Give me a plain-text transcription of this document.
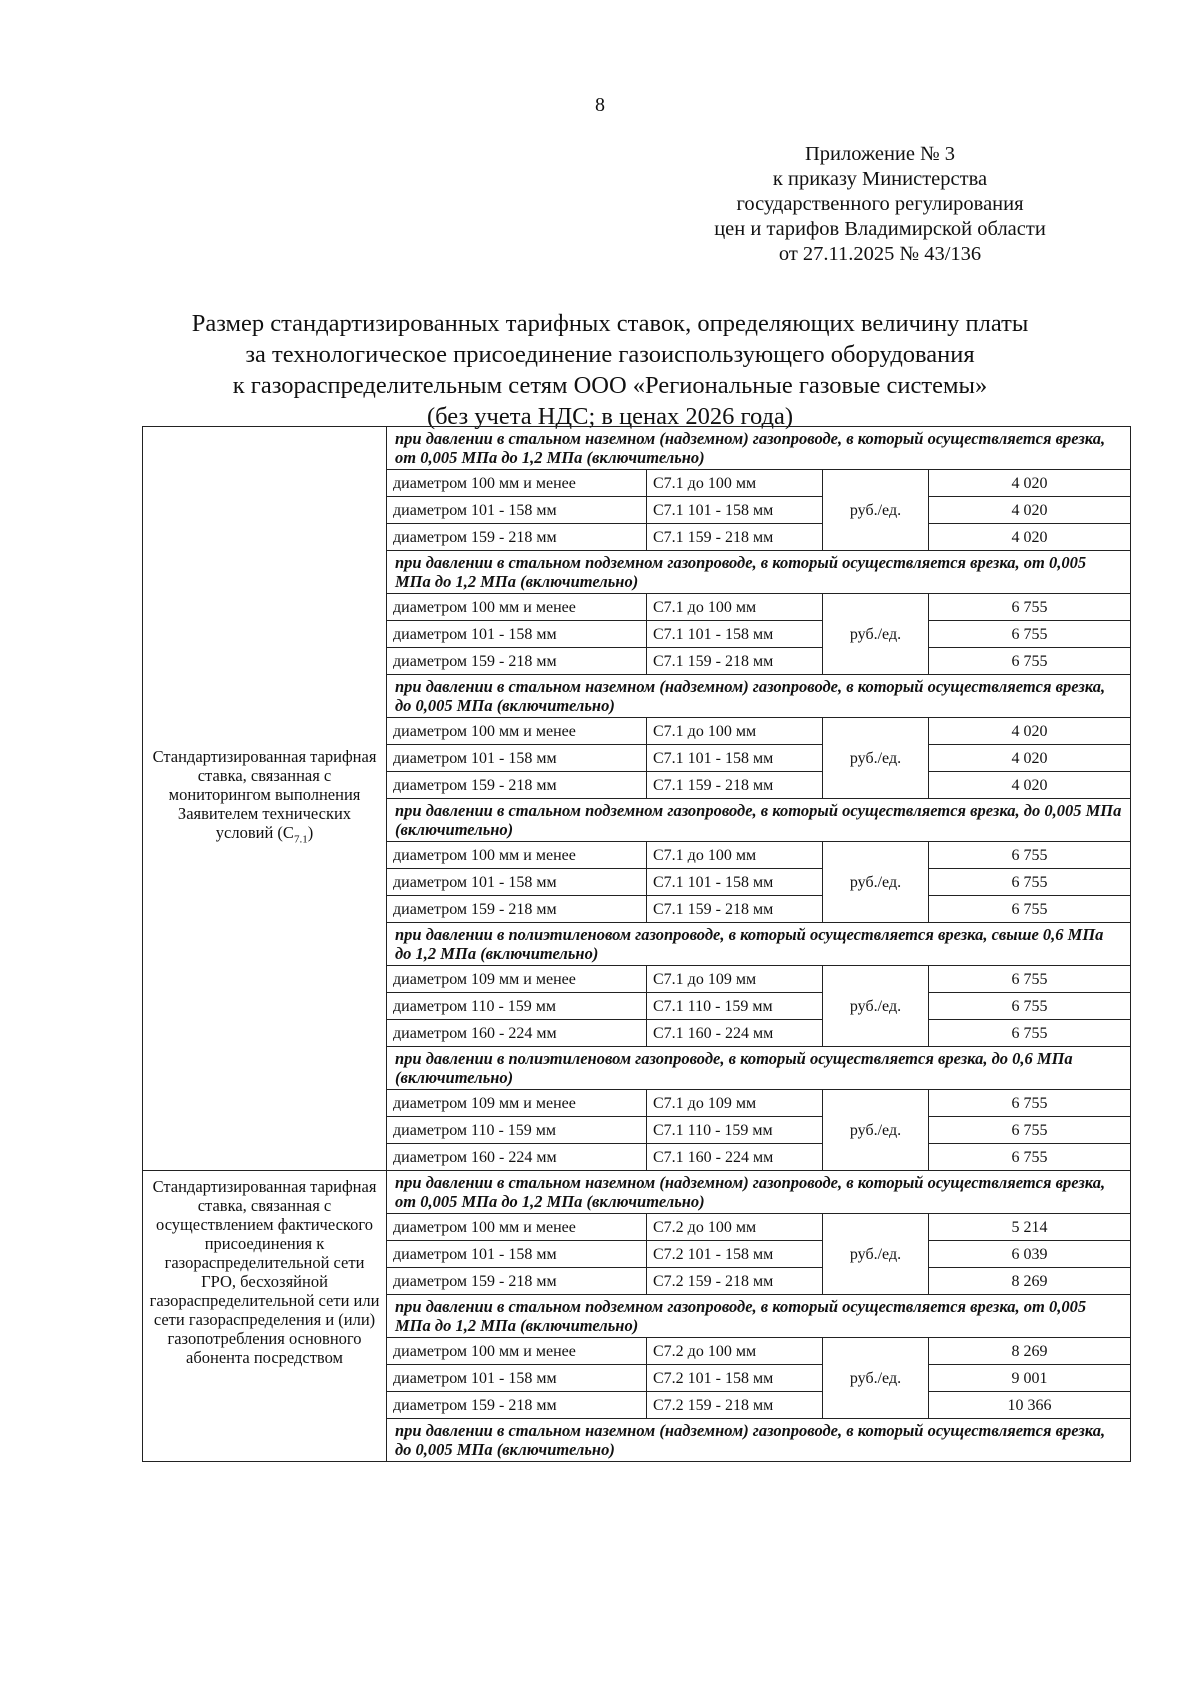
8
Приложение № 3
к приказу Министерства
государственного регулирования
цен и тарифов Владимирской области
от 27.11.2025 № 43/136
Размер стандартизированных тарифных ставок, определяющих величину платы
за технологическое присоединение газоиспользующего оборудования
к газораспределительным сетям ООО «Региональные газовые системы»
(без учета НДС; в ценах 2026 года)
Стандартизированная тарифная ставка, связанная с мониторингом выполнения Заявителем технических условий $(С_{7.1})$	при давлении в стальном наземном (надземном) газопроводе, в который осуществляется врезка, от 0,005 МПа до 1,2 МПа (включительно)			
	диаметром 100 мм и менее	С7.1 до 100 мм	руб./ед.	4 020
	диаметром 101 - 158 мм	С7.1 101 - 158 мм		4 020
	диаметром 159 - 218 мм	С7.1 159 - 218 мм		4 020
	при давлении в стальном подземном газопроводе, в который осуществляется врезка, от 0,005 МПа до 1,2 МПа (включительно)			
	диаметром 100 мм и менее	С7.1 до 100 мм	руб./ед.	6 755
	диаметром 101 - 158 мм	С7.1 101 - 158 мм		6 755
	диаметром 159 - 218 мм	С7.1 159 - 218 мм		6 755
	при давлении в стальном наземном (надземном) газопроводе, в который осуществляется врезка, до 0,005 МПа (включительно)			
	диаметром 100 мм и менее	С7.1 до 100 мм	руб./ед.	4 020
	диаметром 101 - 158 мм	С7.1 101 - 158 мм		4 020
	диаметром 159 - 218 мм	С7.1 159 - 218 мм		4 020
	при давлении в стальном подземном газопроводе, в который осуществляется врезка, до 0,005 МПа (включительно)			
	диаметром 100 мм и менее	С7.1 до 100 мм	руб./ед.	6 755
	диаметром 101 - 158 мм	С7.1 101 - 158 мм		6 755
	диаметром 159 - 218 мм	С7.1 159 - 218 мм		6 755
	при давлении в полиэтиленовом газопроводе, в который осуществляется врезка, свыше 0,6 МПа до 1,2 МПа (включительно)			
	диаметром 109 мм и менее	С7.1 до 109 мм	руб./ед.	6 755
	диаметром 110 - 159 мм	С7.1 110 - 159 мм		6 755
	диаметром 160 - 224 мм	С7.1 160 - 224 мм		6 755
	при давлении в полиэтиленовом газопроводе, в который осуществляется врезка, до 0,6 МПа (включительно)			
	диаметром 109 мм и менее	С7.1 до 109 мм	руб./ед.	6 755
	диаметром 110 - 159 мм	С7.1 110 - 159 мм		6 755
	диаметром 160 - 224 мм	С7.1 160 - 224 мм		6 755
Стандартизированная тарифная ставка, связанная с осуществлением фактического присоединения к газораспределительной сети ГРО, бесхозяйной газораспределительной сети или сети газораспределения и (или) газопотребления основного абонента посредством	при давлении в стальном наземном (надземном) газопроводе, в который осуществляется врезка, от 0,005 МПа до 1,2 МПа (включительно)			
	диаметром 100 мм и менее	С7.2 до 100 мм	руб./ед.	5 214
	диаметром 101 - 158 мм	С7.2 101 - 158 мм		6 039
	диаметром 159 - 218 мм	С7.2 159 - 218 мм		8 269
	при давлении в стальном подземном газопроводе, в который осуществляется врезка, от 0,005 МПа до 1,2 МПа (включительно)			
	диаметром 100 мм и менее	С7.2 до 100 мм	руб./ед.	8 269
	диаметром 101 - 158 мм	С7.2 101 - 158 мм		9 001
	диаметром 159 - 218 мм	С7.2 159 - 218 мм		10 366
	при давлении в стальном наземном (надземном) газопроводе, в который осуществляется врезка, до 0,005 МПа (включительно)			
